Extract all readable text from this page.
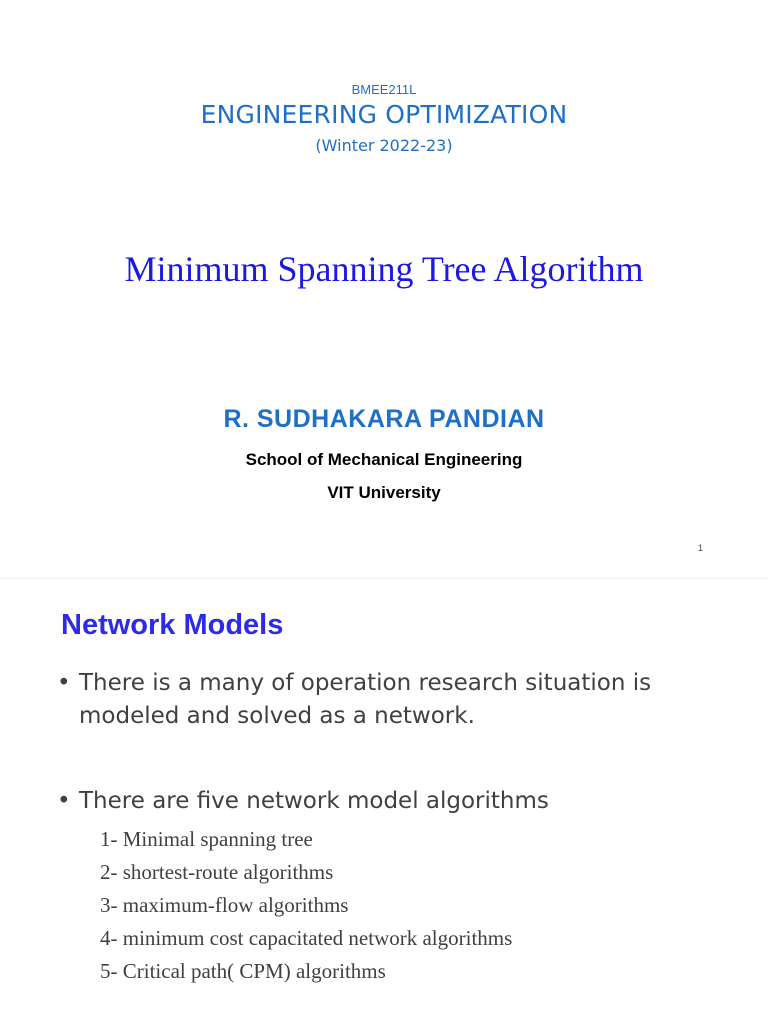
BMEE211L
ENGINEERING OPTIMIZATION
(Winter 2022-23)
Minimum Spanning Tree Algorithm
R. SUDHAKARA PANDIAN
School of Mechanical Engineering
VIT University
1
Network Models
• There is a many of operation research situation is
modeled and solved as a network.
• There are five network model algorithms
1- Minimal spanning tree
2- shortest-route algorithms
3- maximum-flow algorithms
4- minimum cost capacitated network algorithms
5- Critical path( CPM) algorithms
